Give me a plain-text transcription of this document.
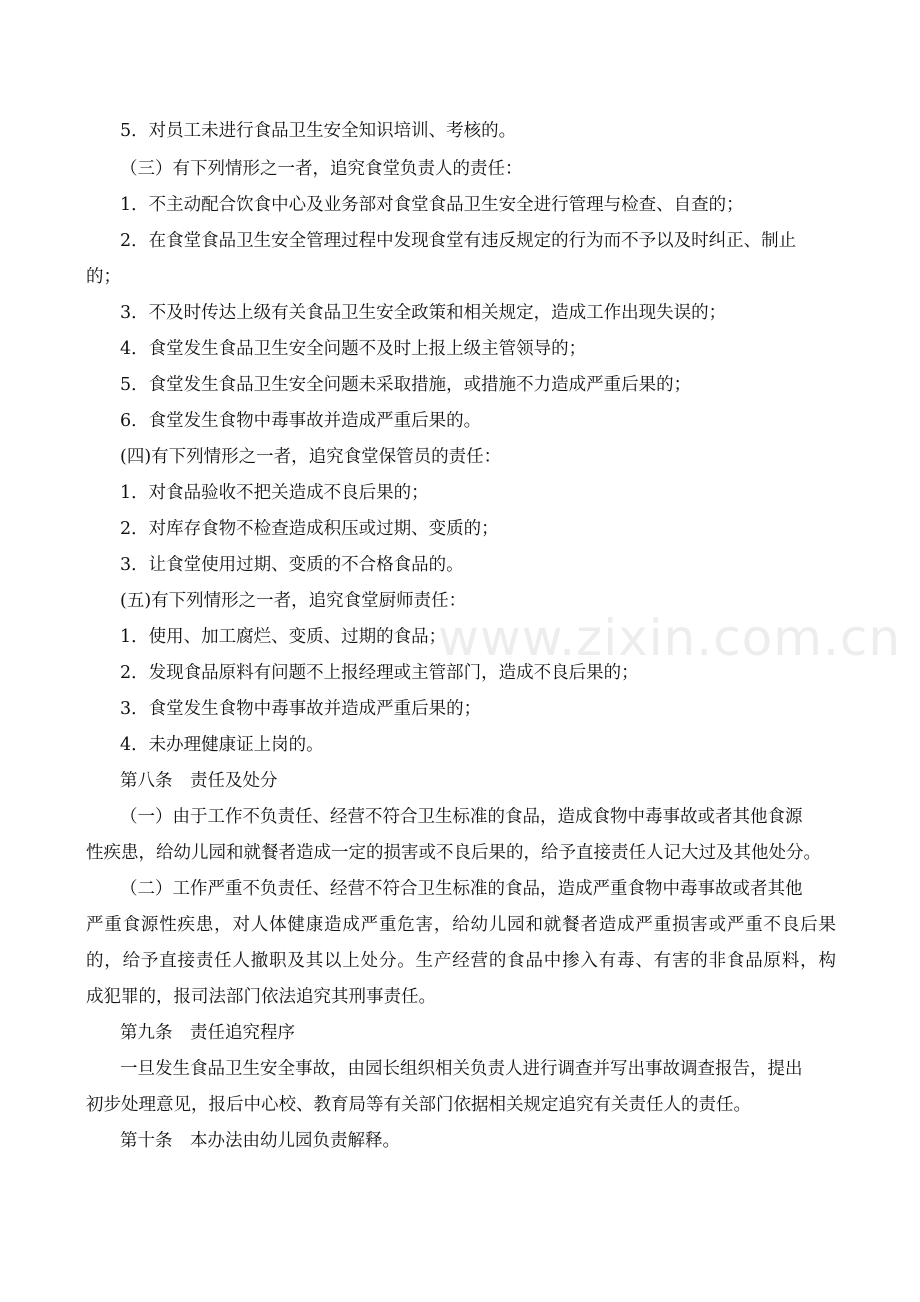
www.zixin.com.cn
5．对员工未进行食品卫生安全知识培训、考核的。
（三）有下列情形之一者，追究食堂负责人的责任：
1．不主动配合饮食中心及业务部对食堂食品卫生安全进行管理与检查、自查的；
2．在食堂食品卫生安全管理过程中发现食堂有违反规定的行为而不予以及时纠正、制止
的；
3．不及时传达上级有关食品卫生安全政策和相关规定，造成工作出现失误的；
4．食堂发生食品卫生安全问题不及时上报上级主管领导的；
5．食堂发生食品卫生安全问题未采取措施，或措施不力造成严重后果的；
6．食堂发生食物中毒事故并造成严重后果的。
(四)有下列情形之一者，追究食堂保管员的责任：
1．对食品验收不把关造成不良后果的；
2．对库存食物不检查造成积压或过期、变质的；
3．让食堂使用过期、变质的不合格食品的。
(五)有下列情形之一者，追究食堂厨师责任：
1．使用、加工腐烂、变质、过期的食品；
2．发现食品原料有问题不上报经理或主管部门，造成不良后果的；
3．食堂发生食物中毒事故并造成严重后果的；
4．未办理健康证上岗的。
第八条　责任及处分
（一）由于工作不负责任、经营不符合卫生标准的食品，造成食物中毒事故或者其他食源
性疾患，给幼儿园和就餐者造成一定的损害或不良后果的，给予直接责任人记大过及其他处分。
（二）工作严重不负责任、经营不符合卫生标准的食品，造成严重食物中毒事故或者其他
严重食源性疾患，对人体健康造成严重危害，给幼儿园和就餐者造成严重损害或严重不良后果
的，给予直接责任人撤职及其以上处分。生产经营的食品中掺入有毒、有害的非食品原料，构
成犯罪的，报司法部门依法追究其刑事责任。
第九条　责任追究程序
一旦发生食品卫生安全事故，由园长组织相关负责人进行调查并写出事故调查报告，提出
初步处理意见，报后中心校、教育局等有关部门依据相关规定追究有关责任人的责任。
第十条　本办法由幼儿园负责解释。
